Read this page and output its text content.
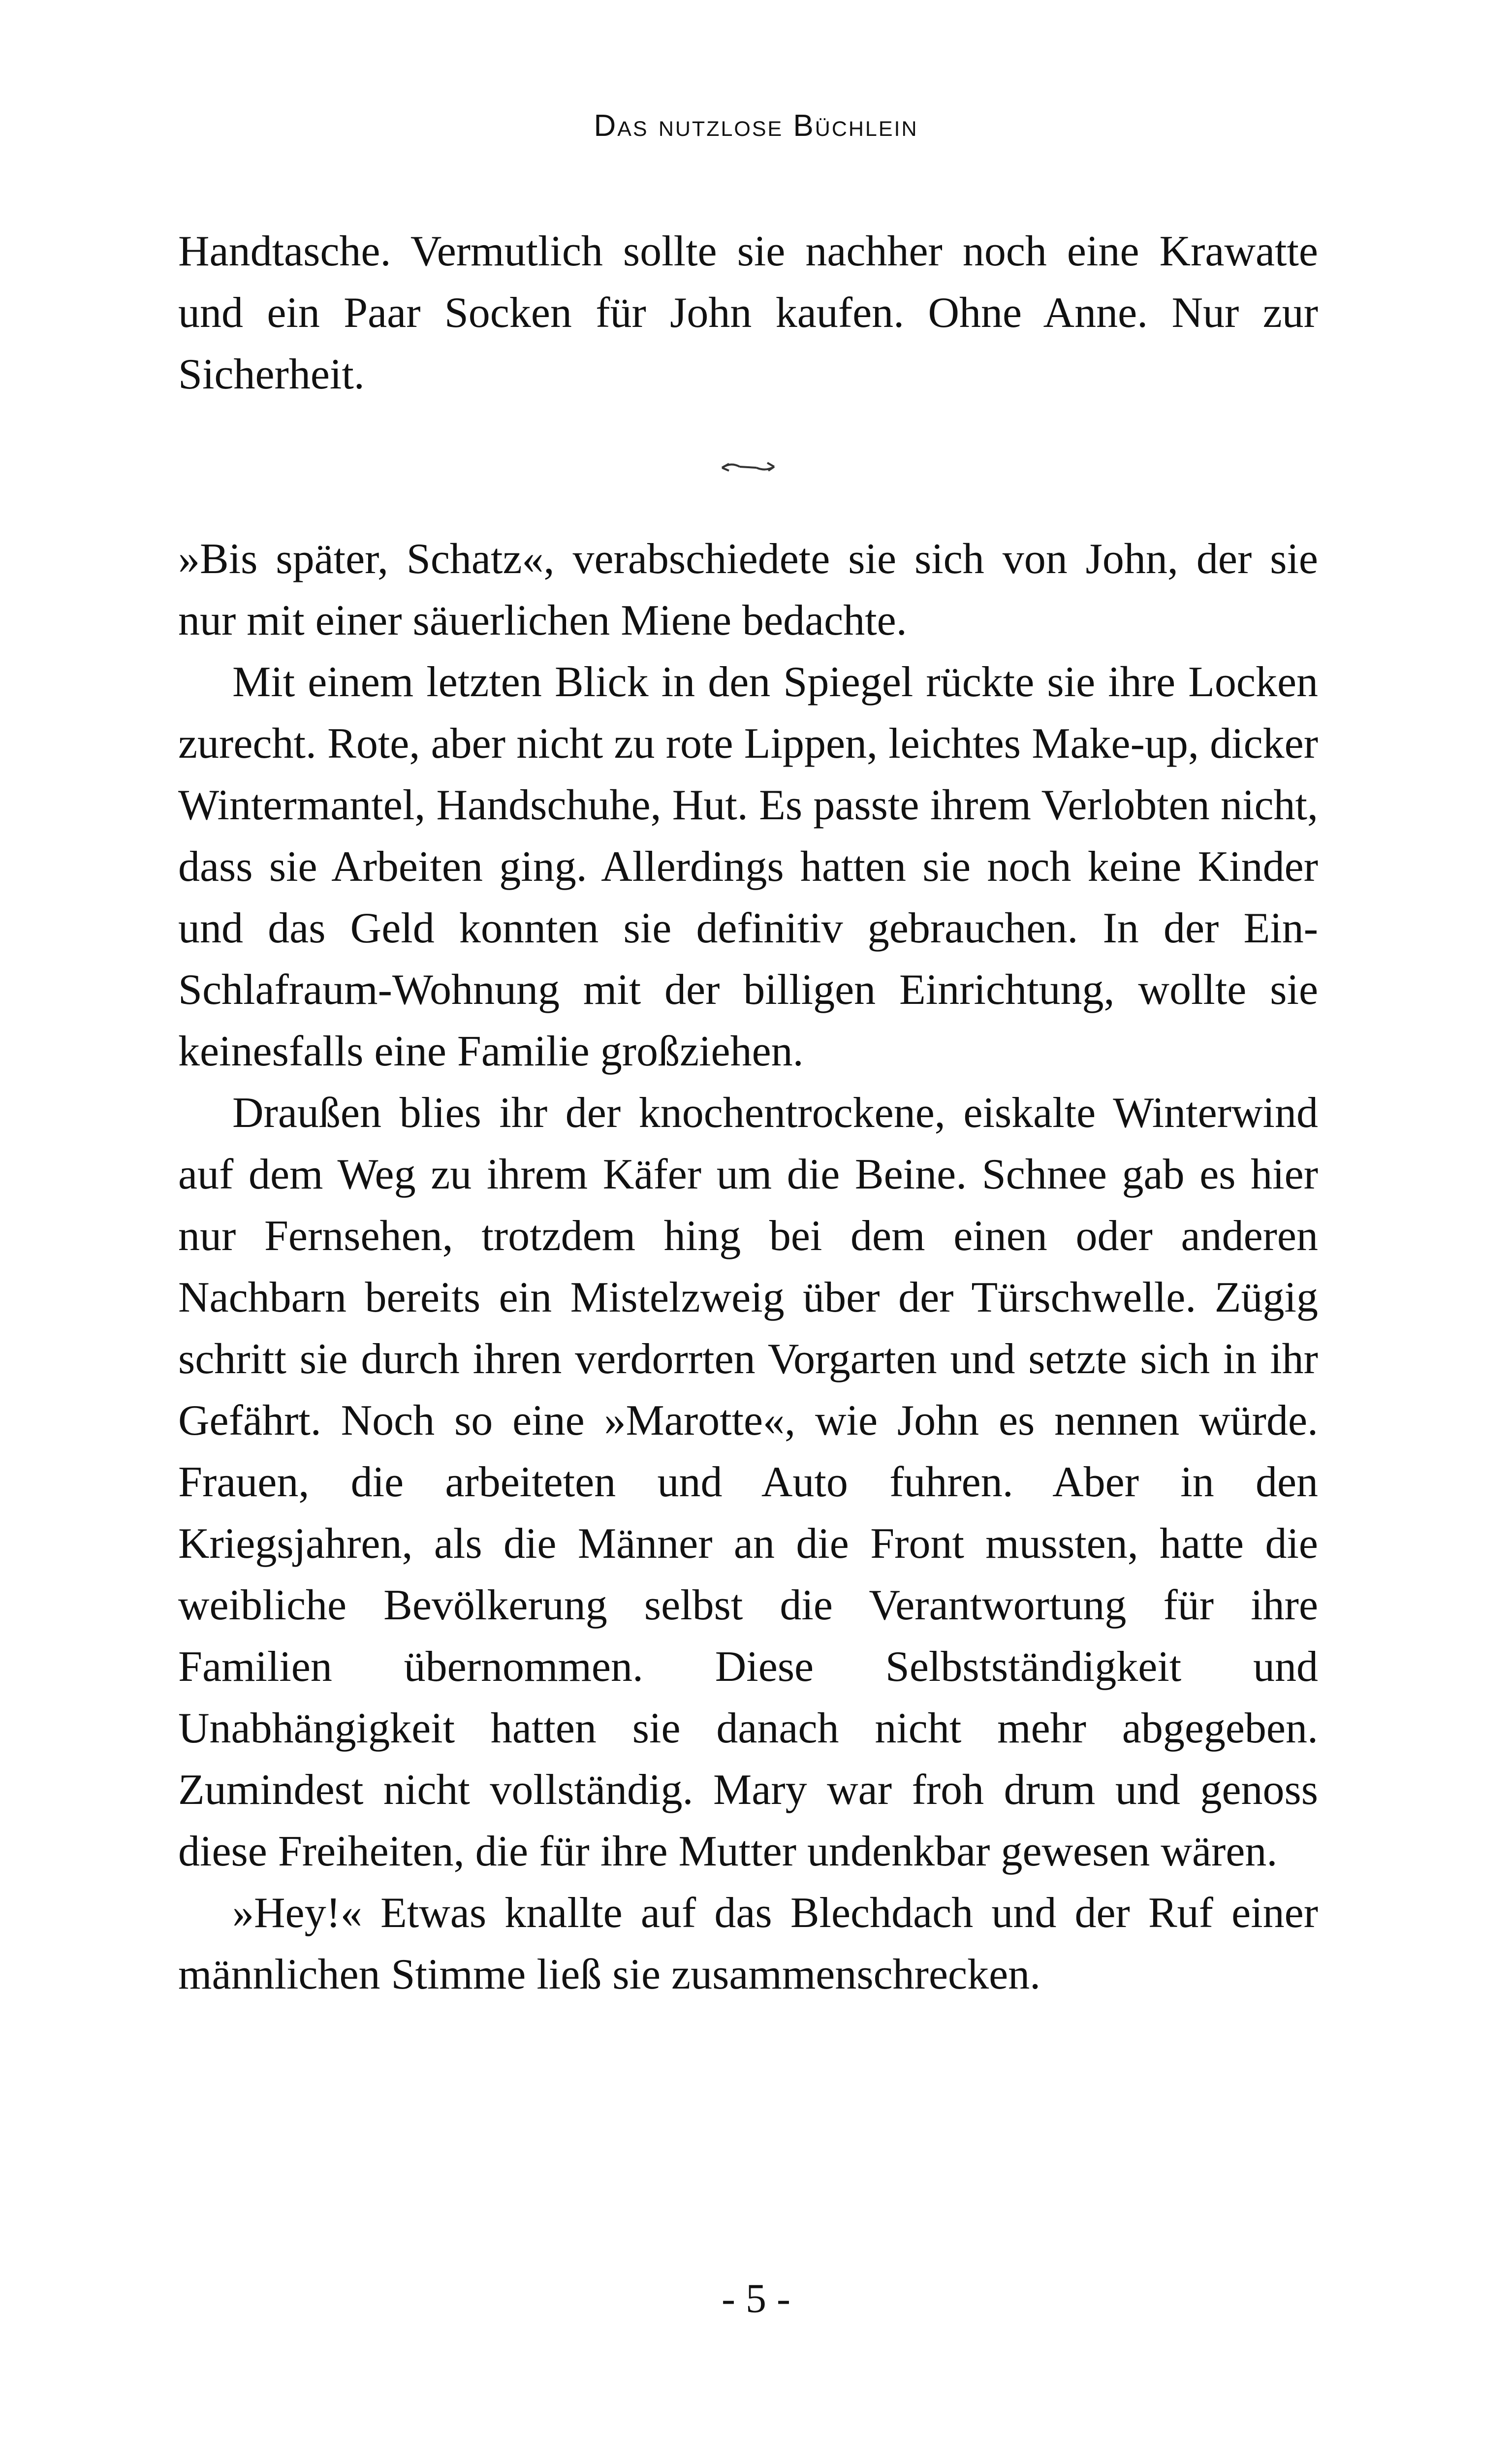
Das nutzlose Büchlein

Handtasche. Vermutlich sollte sie nachher noch eine Krawatte und ein Paar Socken für John kaufen. Ohne Anne. Nur zur Sicherheit.

»Bis später, Schatz«, verabschiedete sie sich von John, der sie nur mit einer säuerlichen Miene bedachte.

Mit einem letzten Blick in den Spiegel rückte sie ihre Locken zurecht. Rote, aber nicht zu rote Lippen, leichtes Make-up, dicker Wintermantel, Handschuhe, Hut. Es passte ihrem Verlobten nicht, dass sie Arbeiten ging. Allerdings hatten sie noch keine Kinder und das Geld konnten sie definitiv gebrauchen. In der Ein-Schlafraum-Wohnung mit der billigen Einrichtung, wollte sie keinesfalls eine Familie großziehen.

Draußen blies ihr der knochentrockene, eiskalte Winterwind auf dem Weg zu ihrem Käfer um die Beine. Schnee gab es hier nur Fernsehen, trotzdem hing bei dem einen oder anderen Nachbarn bereits ein Mistelzweig über der Türschwelle. Zügig schritt sie durch ihren verdorrten Vorgarten und setzte sich in ihr Gefährt. Noch so eine »Marotte«, wie John es nennen würde. Frauen, die arbeiteten und Auto fuhren. Aber in den Kriegsjahren, als die Männer an die Front mussten, hatte die weibliche Bevölkerung selbst die Verantwortung für ihre Familien übernommen. Diese Selbstständigkeit und Unabhängigkeit hatten sie danach nicht mehr abgegeben. Zumindest nicht vollständig. Mary war froh drum und genoss diese Freiheiten, die für ihre Mutter undenkbar gewesen wären.

»Hey!« Etwas knallte auf das Blechdach und der Ruf einer männlichen Stimme ließ sie zusammenschrecken.

- 5 -
